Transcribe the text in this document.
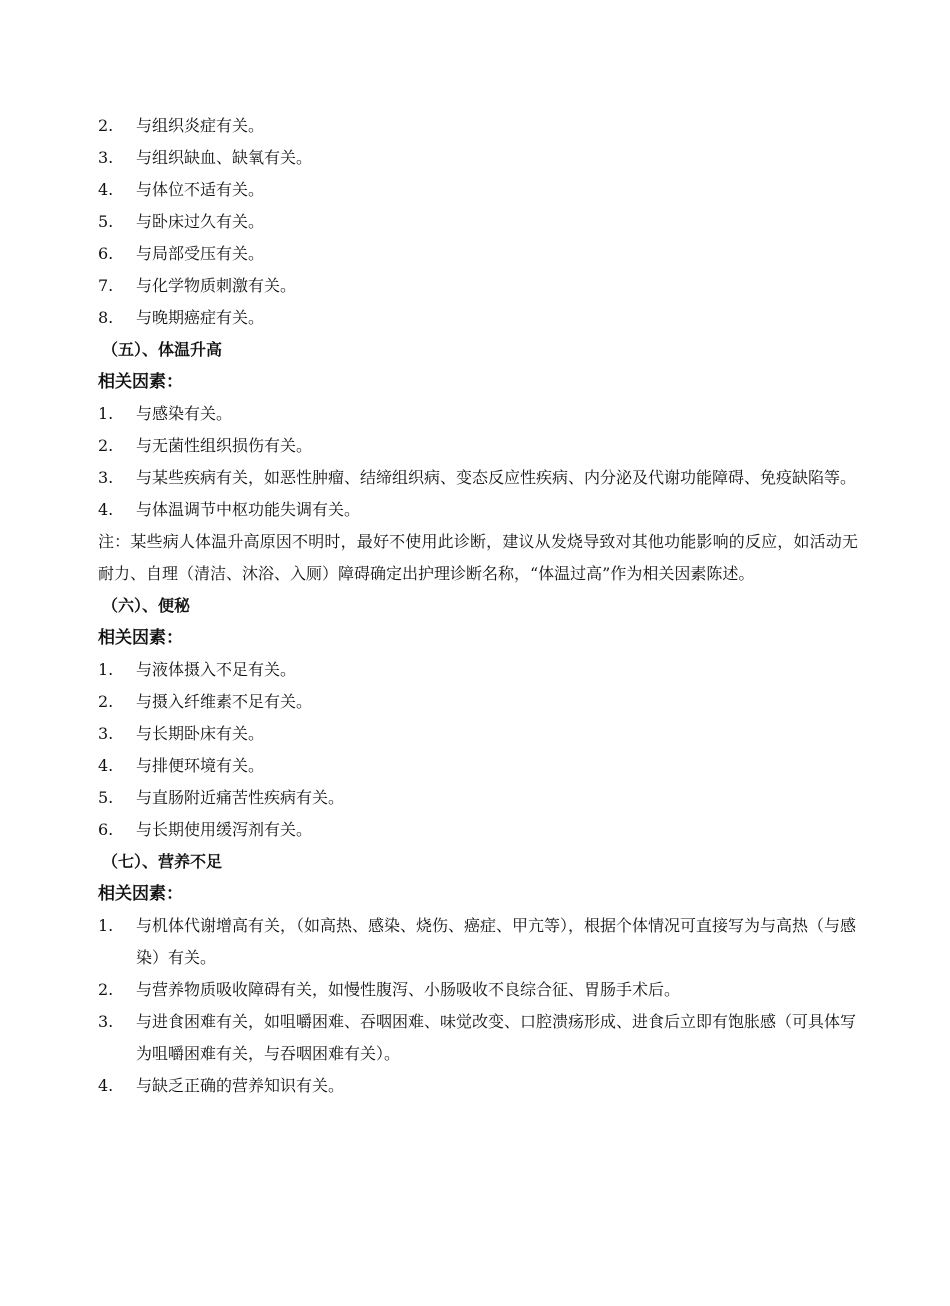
2. 与组织炎症有关。
3. 与组织缺血、缺氧有关。
4. 与体位不适有关。
5. 与卧床过久有关。
6. 与局部受压有关。
7. 与化学物质刺激有关。
8. 与晚期癌症有关。
（五）、体温升高
相关因素：
1. 与感染有关。
2. 与无菌性组织损伤有关。
3. 与某些疾病有关，如恶性肿瘤、结缔组织病、变态反应性疾病、内分泌及代谢功能障碍、免疫缺陷等。
4. 与体温调节中枢功能失调有关。
注：某些病人体温升高原因不明时，最好不使用此诊断，建议从发烧导致对其他功能影响的反应，如活动无耐力、自理（清洁、沐浴、入厕）障碍确定出护理诊断名称，“体温过高”作为相关因素陈述。
（六）、便秘
相关因素：
1. 与液体摄入不足有关。
2. 与摄入纤维素不足有关。
3. 与长期卧床有关。
4. 与排便环境有关。
5. 与直肠附近痛苦性疾病有关。
6. 与长期使用缓泻剂有关。
（七）、营养不足
相关因素：
1. 与机体代谢增高有关，（如高热、感染、烧伤、癌症、甲亢等），根据个体情况可直接写为与高热（与感染）有关。
2. 与营养物质吸收障碍有关，如慢性腹泻、小肠吸收不良综合征、胃肠手术后。
3. 与进食困难有关，如咀嚼困难、吞咽困难、味觉改变、口腔溃疡形成、进食后立即有饱胀感（可具体写为咀嚼困难有关，与吞咽困难有关）。
4. 与缺乏正确的营养知识有关。
